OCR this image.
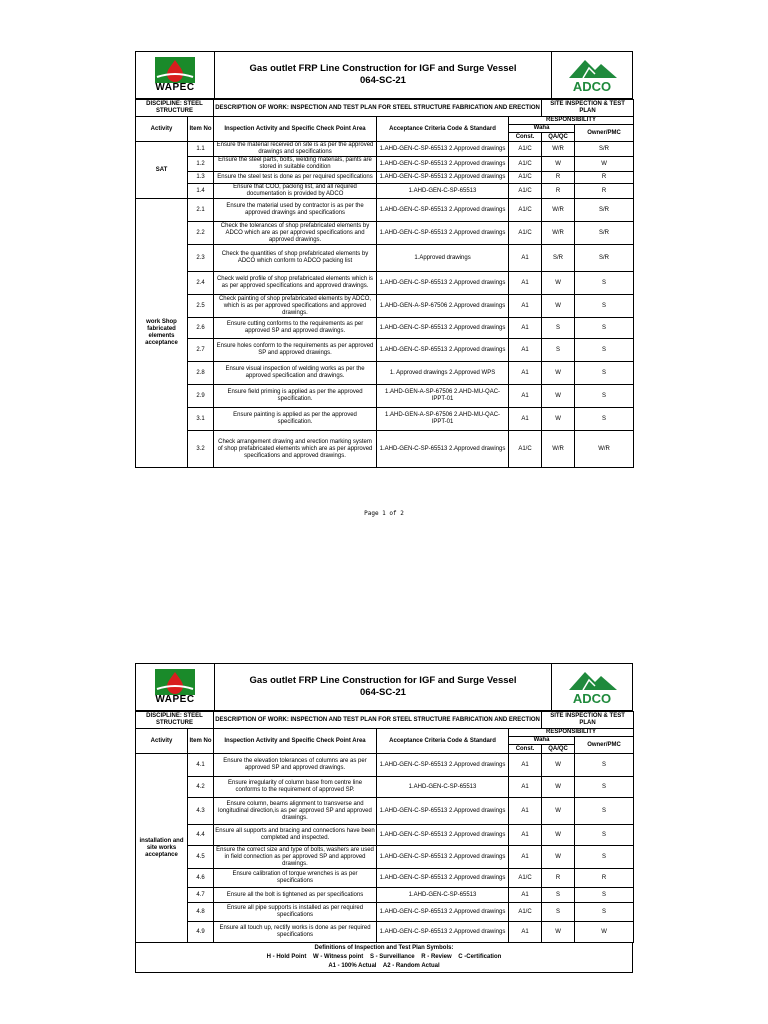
WAPEC
Gas outlet FRP Line Construction for IGF and Surge Vessel
064-SC-21	ADCO
DISCIPLINE: STEEL STRUCTURE		DESCRIPTION OF WORK: INSPECTION AND TEST PLAN FOR STEEL STRUCTURE FABRICATION AND ERECTION			SITE INSPECTION & TEST PLAN	
Activity	Item No	Inspection Activity and Specific Check Point Area	Acceptance Criteria Code & Standard	RESPONSIBILITY		
				Waha		Owner/PMC
				Const.	QA/QC	
SAT	1.1	Ensure the material received on site is as per the approved drawings and specifications	1.AHD-GEN-C-SP-65513 2.Approved drawings	A1/C	W/R	S/R
	1.2	Ensure the steel parts, bolts, welding materials, paints are stored in suitable condition	1.AHD-GEN-C-SP-65513 2.Approved drawings	A1/C	W	W
	1.3	Ensure the steel test is done as per required specifications	1.AHD-GEN-C-SP-65513 2.Approved drawings	A1/C	R	R
	1.4	Ensure that COO, packing list, and all required documentation is provided by ADCO	1.AHD-GEN-C-SP-65513	A1/C	R	R
work Shop fabricated elements acceptance	2.1	Ensure the material used by contractor is as per the approved drawings and specifications	1.AHD-GEN-C-SP-65513 2.Approved drawings	A1/C	W/R	S/R
	2.2	Check the tolerances of shop prefabricated elements by ADCO which are as per approved specifications and approved drawings.	1.AHD-GEN-C-SP-65513 2.Approved drawings	A1/C	W/R	S/R
	2.3	Check the quantities of shop prefabricated elements by ADCO which conform to ADCO packing list	1.Approved drawings	A1	S/R	S/R
	2.4	Check weld profile of shop prefabricated elements which is as per approved specifications and approved drawings.	1.AHD-GEN-C-SP-65513 2.Approved drawings	A1	W	S
	2.5	Check painting of shop prefabricated elements by ADCO, which is as per approved specifications and approved drawings.	1.AHD-GEN-A-SP-67506 2.Approved drawings	A1	W	S
	2.6	Ensure cutting conforms to the requirements as per approved SP and approved drawings.	1.AHD-GEN-C-SP-65513 2.Approved drawings	A1	S	S
	2.7	Ensure holes conform to the requirements as per approved SP and approved drawings.	1.AHD-GEN-C-SP-65513 2.Approved drawings	A1	S	S
	2.8	Ensure visual inspection of welding works as per the approved specification and drawings.	1. Approved drawings 2.Approved WPS	A1	W	S
	2.9	Ensure field priming is applied as per the approved specification.	1.AHD-GEN-A-SP-67506 2.AHD-MU-QAC-IPPT-01	A1	W	S
	3.1	Ensure painting is applied as per the approved specification.	1.AHD-GEN-A-SP-67506 2.AHD-MU-QAC-IPPT-01	A1	W	S
	3.2	Check arrangement drawing and erection marking system of shop prefabricated elements which are as per approved specifications and approved drawings.	1.AHD-GEN-C-SP-65513 2.Approved drawings	A1/C	W/R	W/R
Page 1 of 2
WAPEC
Gas outlet FRP Line Construction for IGF and Surge Vessel
064-SC-21	ADCO
DISCIPLINE: STEEL STRUCTURE		DESCRIPTION OF WORK: INSPECTION AND TEST PLAN FOR STEEL STRUCTURE FABRICATION AND ERECTION			SITE INSPECTION & TEST PLAN	
Activity	Item No	Inspection Activity and Specific Check Point Area	Acceptance Criteria Code & Standard	RESPONSIBILITY		
				Waha		Owner/PMC
				Const.	QA/QC	
installation and site works acceptance	4.1	Ensure the elevation tolerances of columns are as per approved SP and approved drawings.	1.AHD-GEN-C-SP-65513 2.Approved drawings	A1	W	S
	4.2	Ensure irregularity of column base from centre line conforms to the requirement of approved SP.	1.AHD-GEN-C-SP-65513	A1	W	S
	4.3	Ensure column, beams alignment to transverse and longitudinal direction,is as per approved SP and approved drawings.	1.AHD-GEN-C-SP-65513 2.Approved drawings	A1	W	S
	4.4	Ensure all supports and bracing and connections have been completed and inspected.	1.AHD-GEN-C-SP-65513 2.Approved drawings	A1	W	S
	4.5	Ensure the correct size and type of bolts, washers are used in field connection as per approved SP and approved drawings.	1.AHD-GEN-C-SP-65513 2.Approved drawings	A1	W	S
	4.6	Ensure calibration of torque wrenches is as per specifications	1.AHD-GEN-C-SP-65513 2.Approved drawings	A1/C	R	R
	4.7	Ensure all the bolt is tightened as per specifications	1.AHD-GEN-C-SP-65513	A1	S	S
	4.8	Ensure all pipe supports is installed as per required specifications	1.AHD-GEN-C-SP-65513 2.Approved drawings	A1/C	S	S
	4.9	Ensure all touch up, rectify works is done as per required specifications	1.AHD-GEN-C-SP-65513 2.Approved drawings	A1	W	W
Definitions of Inspection and Test Plan Symbols:
H - Hold Point    W - Witness point    S - Surveillance    R - Review    C -Certification
A1 - 100% Actual    A2 - Random Actual
